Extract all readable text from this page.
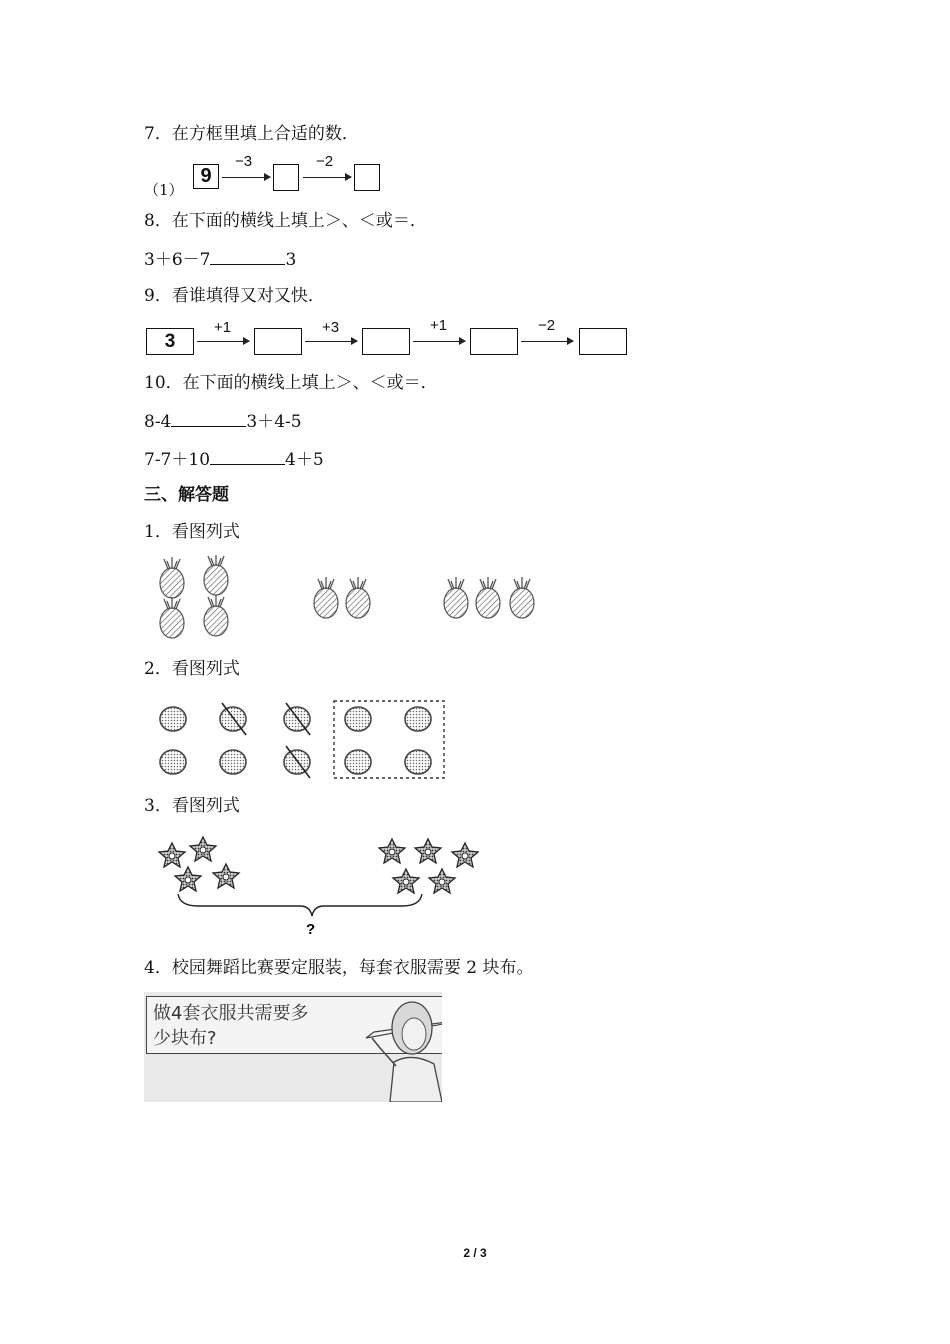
7．在方框里填上合适的数．
（1）
9
−3	−2
8．在下面的横线上填上＞、＜或＝．
3＋6－7	3
9．看谁填得又对又快．
3
+1	+3	+1	−2
10．在下面的横线上填上＞、＜或＝．
8-4	3＋4-5
7-7＋10	4＋5
三、解答题
1．看图列式
2．看图列式
3．看图列式
?
4．校园舞蹈比赛要定服装，每套衣服需要 2 块布。
做4套衣服共需要多
少块布?
2 / 3
